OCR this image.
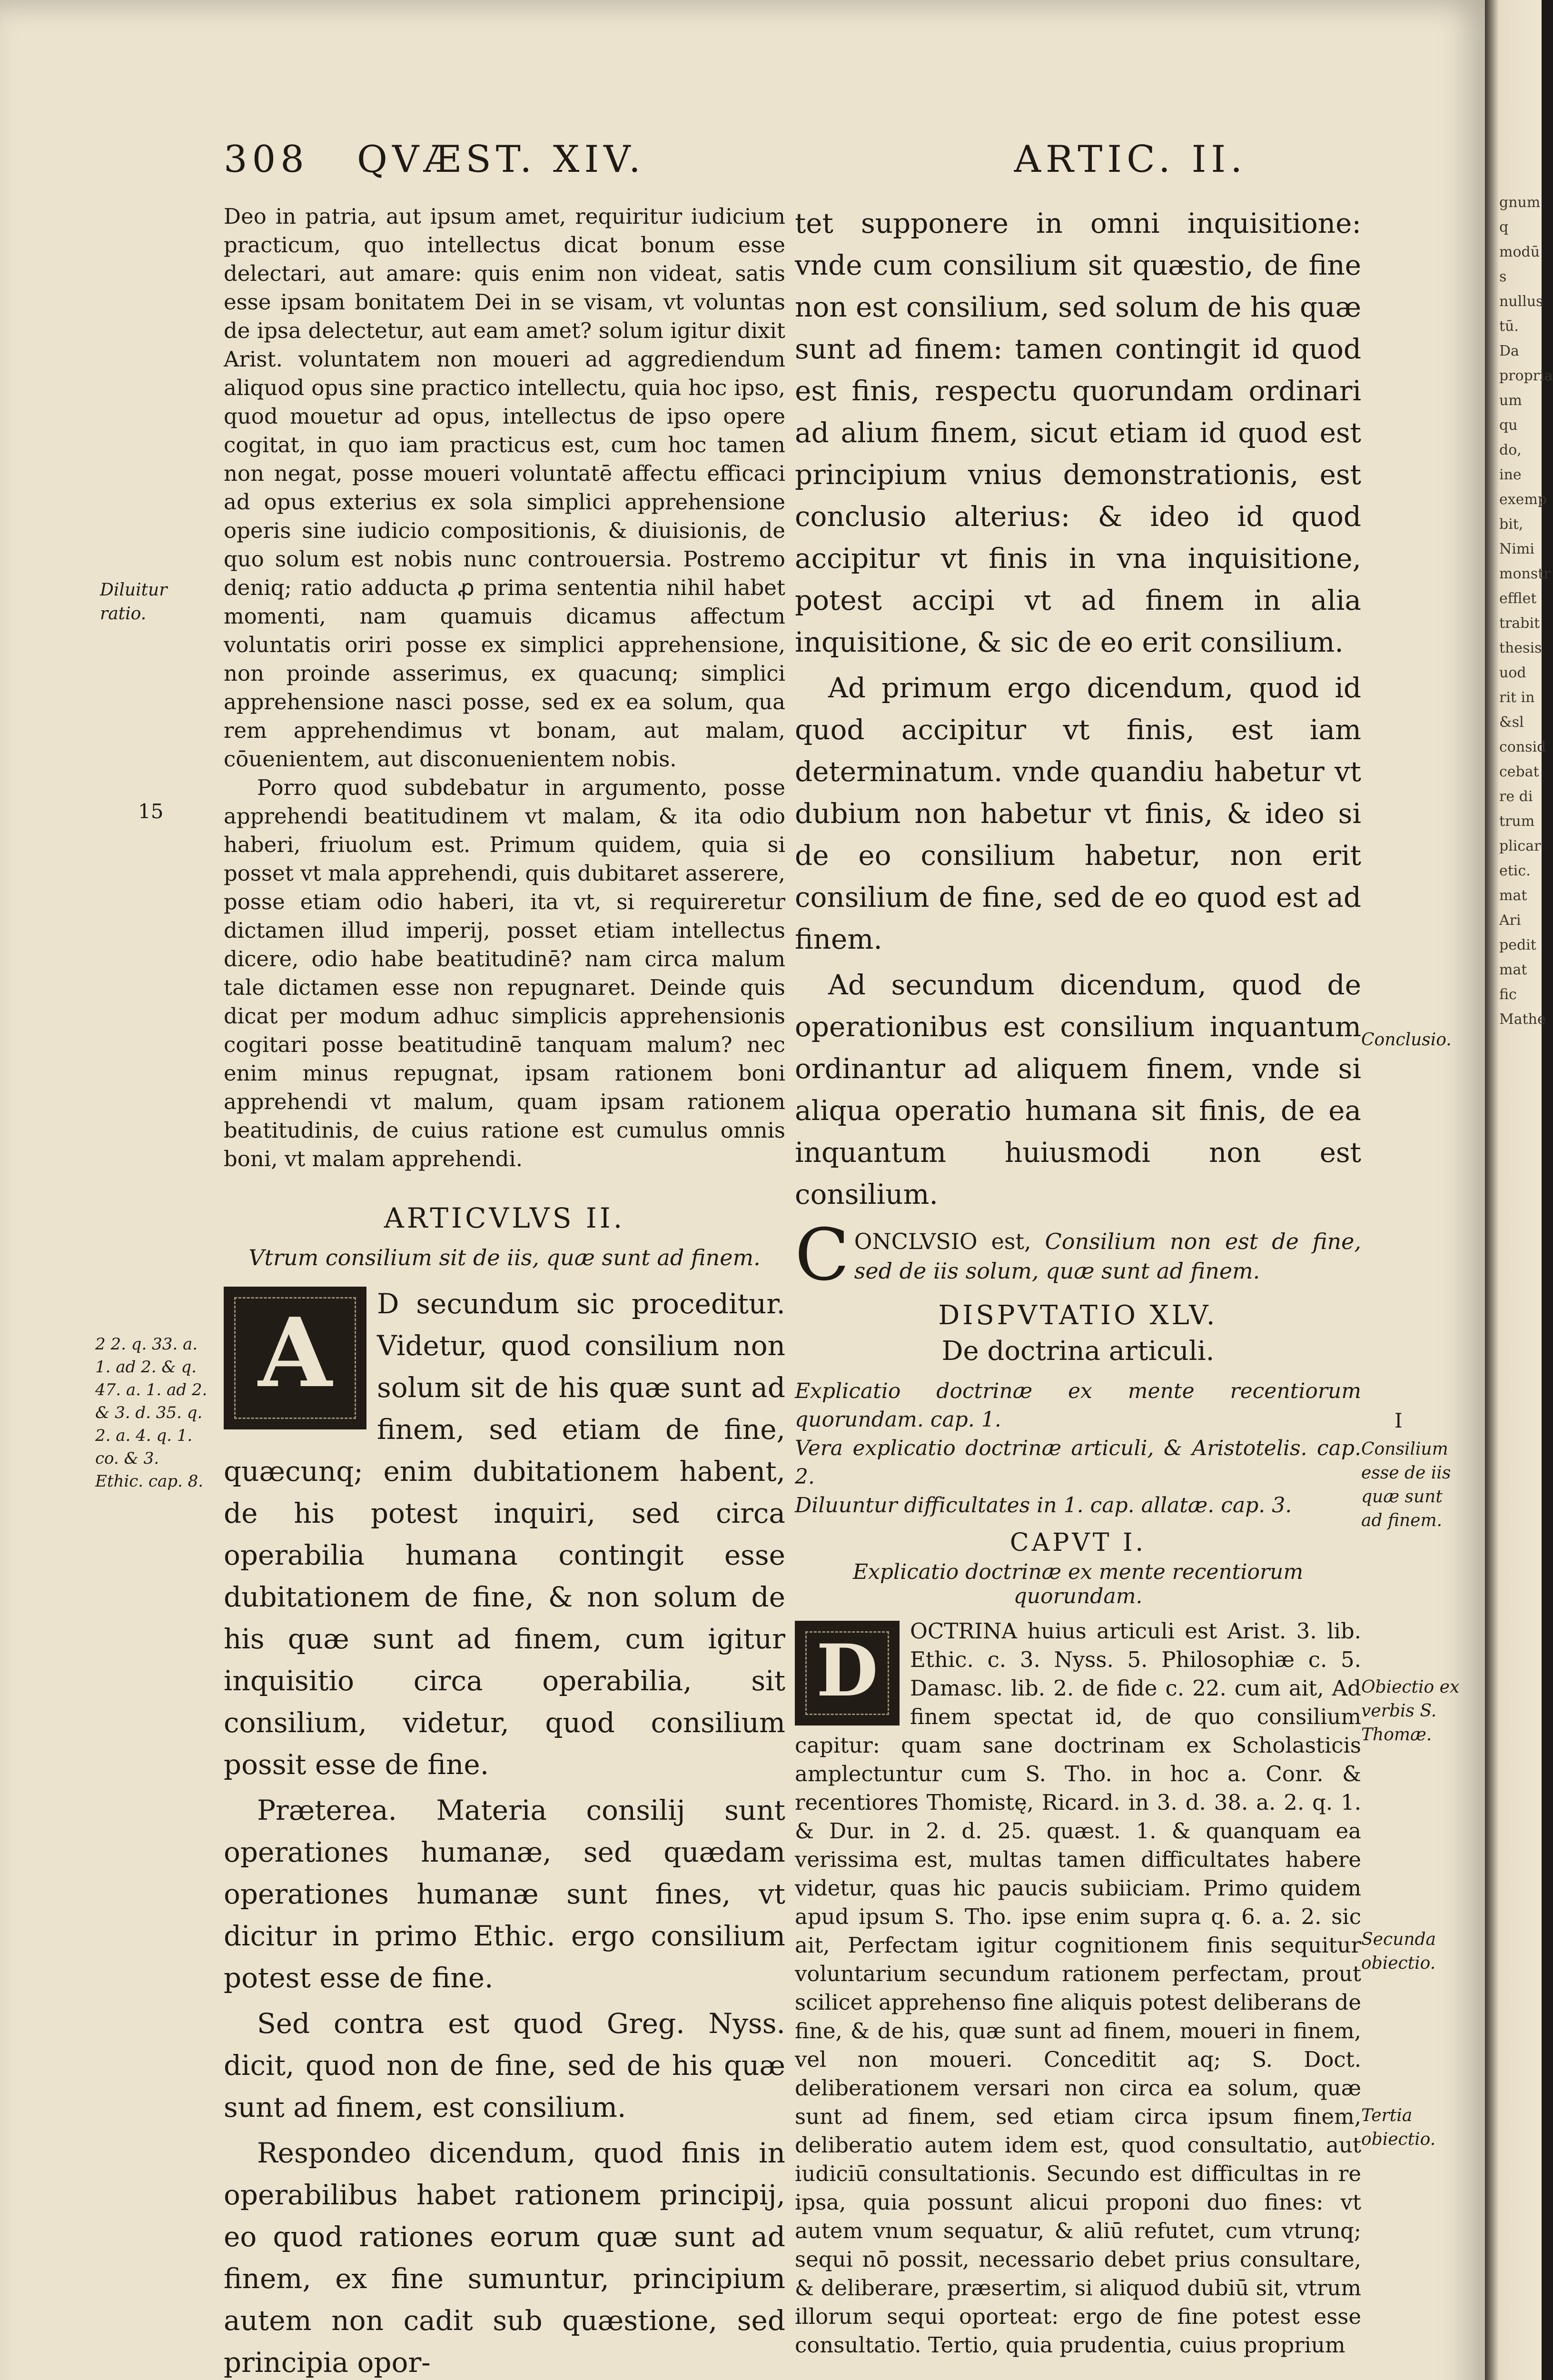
308 QVÆST. XIV.	ARTIC. II.

Deo in patria, aut ipsum amet, requiritur iudicium practicum, quo intellectus dicat bonum esse delectari, aut amare: quis enim non videat, satis esse ipsam bonitatem Dei in se visam, vt voluntas de ipsa delectetur, aut eam amet? solum igitur dixit Arist. voluntatem non moueri ad aggrediendum aliquod opus sine practico intellectu, quia hoc ipso, quod mouetur ad opus, intellectus de ipso opere cogitat, in quo iam practicus est, cum hoc tamen non negat, posse moueri voluntatē affectu efficaci ad opus exterius ex sola simplici apprehensione operis sine iudicio compositionis, & diuisionis, de quo solum est nobis nunc controuersia. Postremo deniq; ratio adducta ꝓ prima sententia nihil habet momenti, nam quamuis dicamus affectum voluntatis oriri posse ex simplici apprehensione, non proinde asserimus, ex quacunq; simplici apprehensione nasci posse, sed ex ea solum, qua rem apprehendimus vt bonam, aut malam, cōuenientem, aut disconuenientem nobis.

Porro quod subdebatur in argumento, posse apprehendi beatitudinem vt malam, & ita odio haberi, friuolum est. Primum quidem, quia si posset vt mala apprehendi, quis dubitaret asserere, posse etiam odio haberi, ita vt, si requireretur dictamen illud imperij, posset etiam intellectus dicere, odio habe beatitudinē? nam circa malum tale dictamen esse non repugnaret. Deinde quis dicat per modum adhuc simplicis apprehensionis cogitari posse beatitudinē tanquam malum? nec enim minus repugnat, ipsam rationem boni apprehendi vt malum, quam ipsam rationem beatitudinis, de cuius ratione est cumulus omnis boni, vt malam apprehendi.

ARTICVLVS II.

Vtrum consilium sit de iis, quæ sunt ad finem.

A	D secundum sic proceditur. Videtur, quod consilium non solum sit de his quæ sunt ad finem, sed etiam de fine, quæcunq; enim dubitationem habent, de his potest inquiri, sed circa operabilia humana contingit esse dubitationem de fine, & non solum de his quæ sunt ad finem, cum igitur inquisitio circa operabilia, sit consilium, videtur, quod consilium possit esse de fine.

Præterea. Materia consilij sunt operationes humanæ, sed quædam operationes humanæ sunt fines, vt dicitur in primo Ethic. ergo consilium potest esse de fine.

Sed contra est quod Greg. Nyss. dicit, quod non de fine, sed de his quæ sunt ad finem, est consilium.

Respondeo dicendum, quod finis in operabilibus habet rationem principij, eo quod rationes eorum quæ sunt ad finem, ex fine sumuntur, principium autem non cadit sub quæstione, sed principia opor-

tet supponere in omni inquisitione: vnde cum consilium sit quæstio, de fine non est consilium, sed solum de his quæ sunt ad finem: tamen contingit id quod est finis, respectu quorundam ordinari ad alium finem, sicut etiam id quod est principium vnius demonstrationis, est conclusio alterius: & ideo id quod accipitur vt finis in vna inquisitione, potest accipi vt ad finem in alia inquisitione, & sic de eo erit consilium.

Ad primum ergo dicendum, quod id quod accipitur vt finis, est iam determinatum. vnde quandiu habetur vt dubium non habetur vt finis, & ideo si de eo consilium habetur, non erit consilium de fine, sed de eo quod est ad finem.

Ad secundum dicendum, quod de operationibus est consilium inquantum ordinantur ad aliquem finem, vnde si aliqua operatio humana sit finis, de ea inquantum huiusmodi non est consilium.

C ONCLVSIO est, Consilium non est de fine, sed de iis solum, quæ sunt ad finem.

DISPVTATIO XLV.

De doctrina articuli.

Explicatio doctrinæ ex mente recentiorum quorundam. cap. 1.

Vera explicatio doctrinæ articuli, & Aristotelis. cap. 2.

Diluuntur difficultates in 1. cap. allatæ. cap. 3.

CAPVT I.

Explicatio doctrinæ ex mente recentiorum quorundam.

D	OCTRINA huius articuli est Arist. 3. lib. Ethic. c. 3. Nyss. 5. Philosophiæ c. 5. Damasc. lib. 2. de fide c. 22. cum ait, Ad finem spectat id, de quo consilium capitur: quam sane doctrinam ex Scholasticis amplectuntur cum S. Tho. in hoc a. Conr. & recentiores Thomistę, Ricard. in 3. d. 38. a. 2. q. 1. & Dur. in 2. d. 25. quæst. 1. & quanquam ea verissima est, multas tamen difficultates habere videtur, quas hic paucis subiiciam. Primo quidem apud ipsum S. Tho. ipse enim supra q. 6. a. 2. sic ait, Perfectam igitur cognitionem finis sequitur voluntarium secundum rationem perfectam, prout scilicet apprehenso fine aliquis potest deliberans de fine, & de his, quæ sunt ad finem, moueri in finem, vel non moueri. Conceditit aq; S. Doct. deliberationem versari non circa ea solum, quæ sunt ad finem, sed etiam circa ipsum finem, deliberatio autem idem est, quod consultatio, aut iudiciū consultationis. Secundo est difficultas in re ipsa, quia possunt alicui proponi duo fines: vt autem vnum sequatur, & aliū refutet, cum vtrunq; sequi nō possit, necessario debet prius consultare, & deliberare, præsertim, si aliquod dubiū sit, vtrum illorum sequi oporteat: ergo de fine potest esse consultatio. Tertio, quia prudentia, cuius proprium

Diluitur ratio.
15
2 2. q. 33. a. 1. ad 2. & q. 47. a. 1. ad 2. & 3. d. 35. q. 2. a. 4. q. 1. co. & 3. Ethic. cap. 8.
Conclusio.
I
Consilium esse de iis quæ sunt ad finem.
Obiectio ex verbis S. Thomæ.
Secunda obiectio.
Tertia obiectio.
gnum q
modū s
nullus
tū. Da
propria
um qu
do,
ine
exemp
bit,
Nimi
monstr
efflet
trabit
thesis
uod
rit in
&sl
consid
cebat
re di
trum
plicar
etic.
mat
Ari
pedit
mat
fic
Mathe
